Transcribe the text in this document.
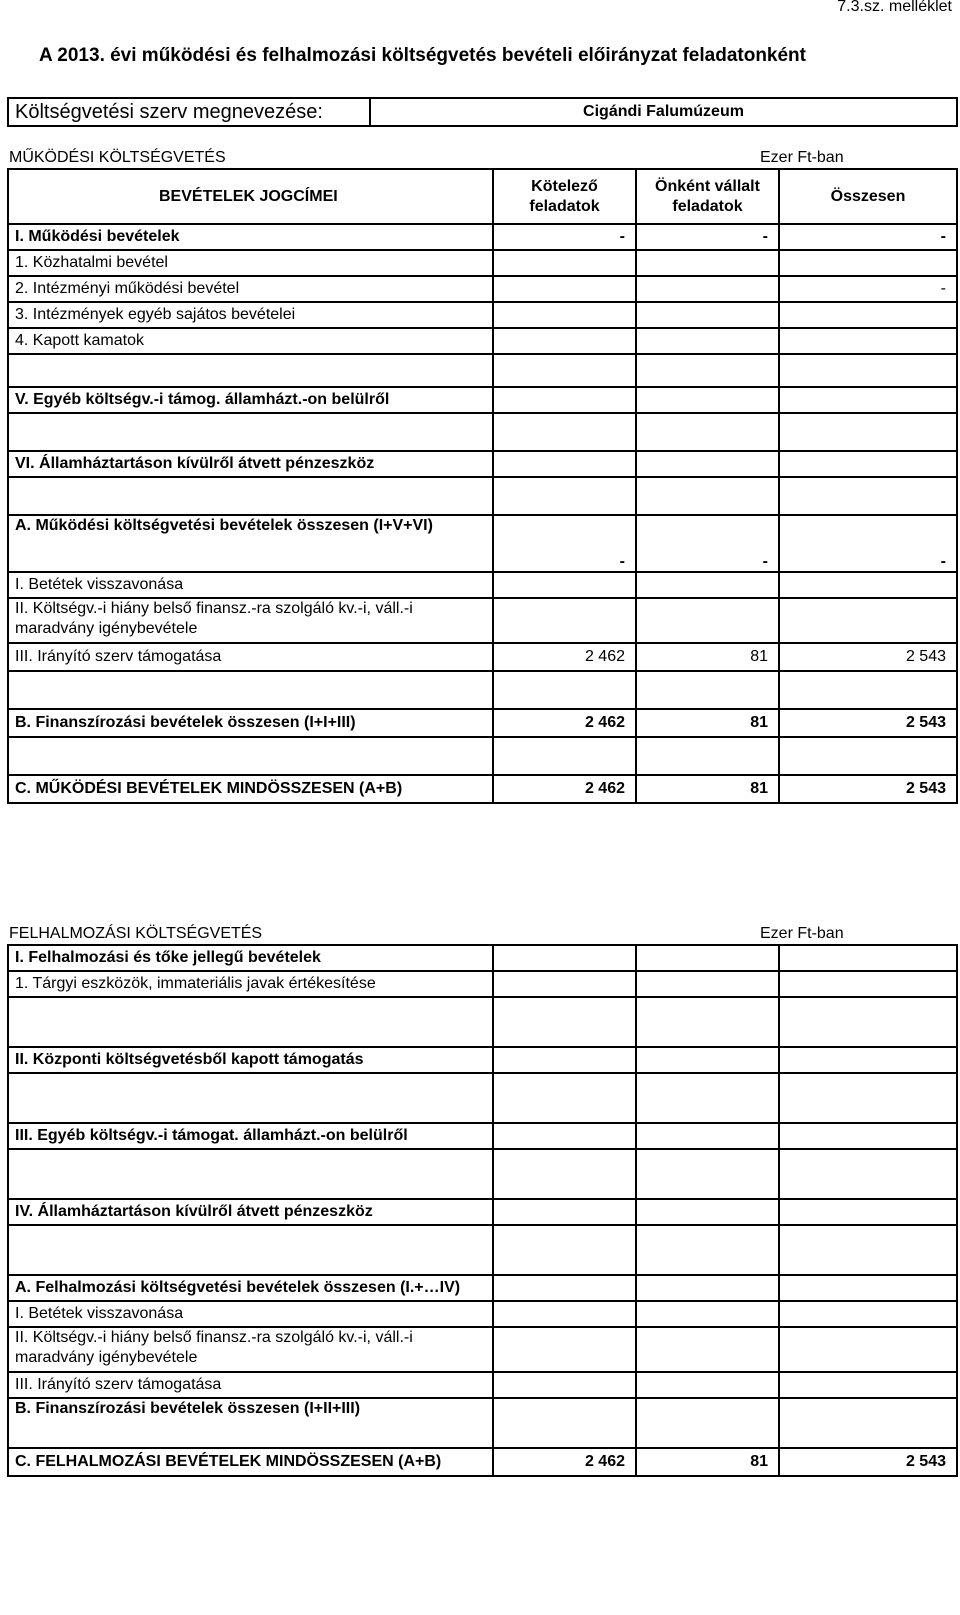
7.3.sz. melléklet
A 2013. évi működési és felhalmozási költségvetés bevételi előirányzat feladatonként
Költségvetési szerv megnevezése:	Cigándi Falumúzeum
MŰKÖDÉSI KÖLTSÉGVETÉS	Ezer Ft-ban
BEVÉTELEK JOGCÍMEI	Kötelező feladatok	Önként vállalt feladatok	Összesen
I. Működési bevételek	-	-	-
1. Közhatalmi bevétel			
2. Intézményi működési bevétel			-
3. Intézmények egyéb sajátos bevételei			
4. Kapott kamatok			

V. Egyéb költségv.-i támog. államházt.-on belülről			

VI. Államháztartáson kívülről átvett pénzeszköz			

A. Működési költségvetési bevételek összesen (I+V+VI)	-	-	-
I. Betétek visszavonása			
II. Költségv.-i hiány belső finansz.-ra szolgáló kv.-i, váll.-i maradvány igénybevétele			
III. Irányító szerv támogatása	2 462	81	2 543

B. Finanszírozási bevételek összesen (I+I+III)	2 462	81	2 543

C. MŰKÖDÉSI BEVÉTELEK MINDÖSSZESEN (A+B)	2 462	81	2 543
FELHALMOZÁSI KÖLTSÉGVETÉS	Ezer Ft-ban
I. Felhalmozási és tőke jellegű bevételek			
1. Tárgyi eszközök, immateriális javak értékesítése			

II. Központi költségvetésből kapott támogatás			

III. Egyéb költségv.-i támogat. államházt.-on belülről			

IV. Államháztartáson kívülről átvett pénzeszköz			

A. Felhalmozási költségvetési bevételek összesen (I.+…IV)			
I. Betétek visszavonása			
II. Költségv.-i hiány belső finansz.-ra szolgáló kv.-i, váll.-i maradvány igénybevétele			
III. Irányító szerv támogatása			
B. Finanszírozási bevételek összesen (I+II+III)			
C. FELHALMOZÁSI BEVÉTELEK MINDÖSSZESEN (A+B)	2 462	81	2 543
